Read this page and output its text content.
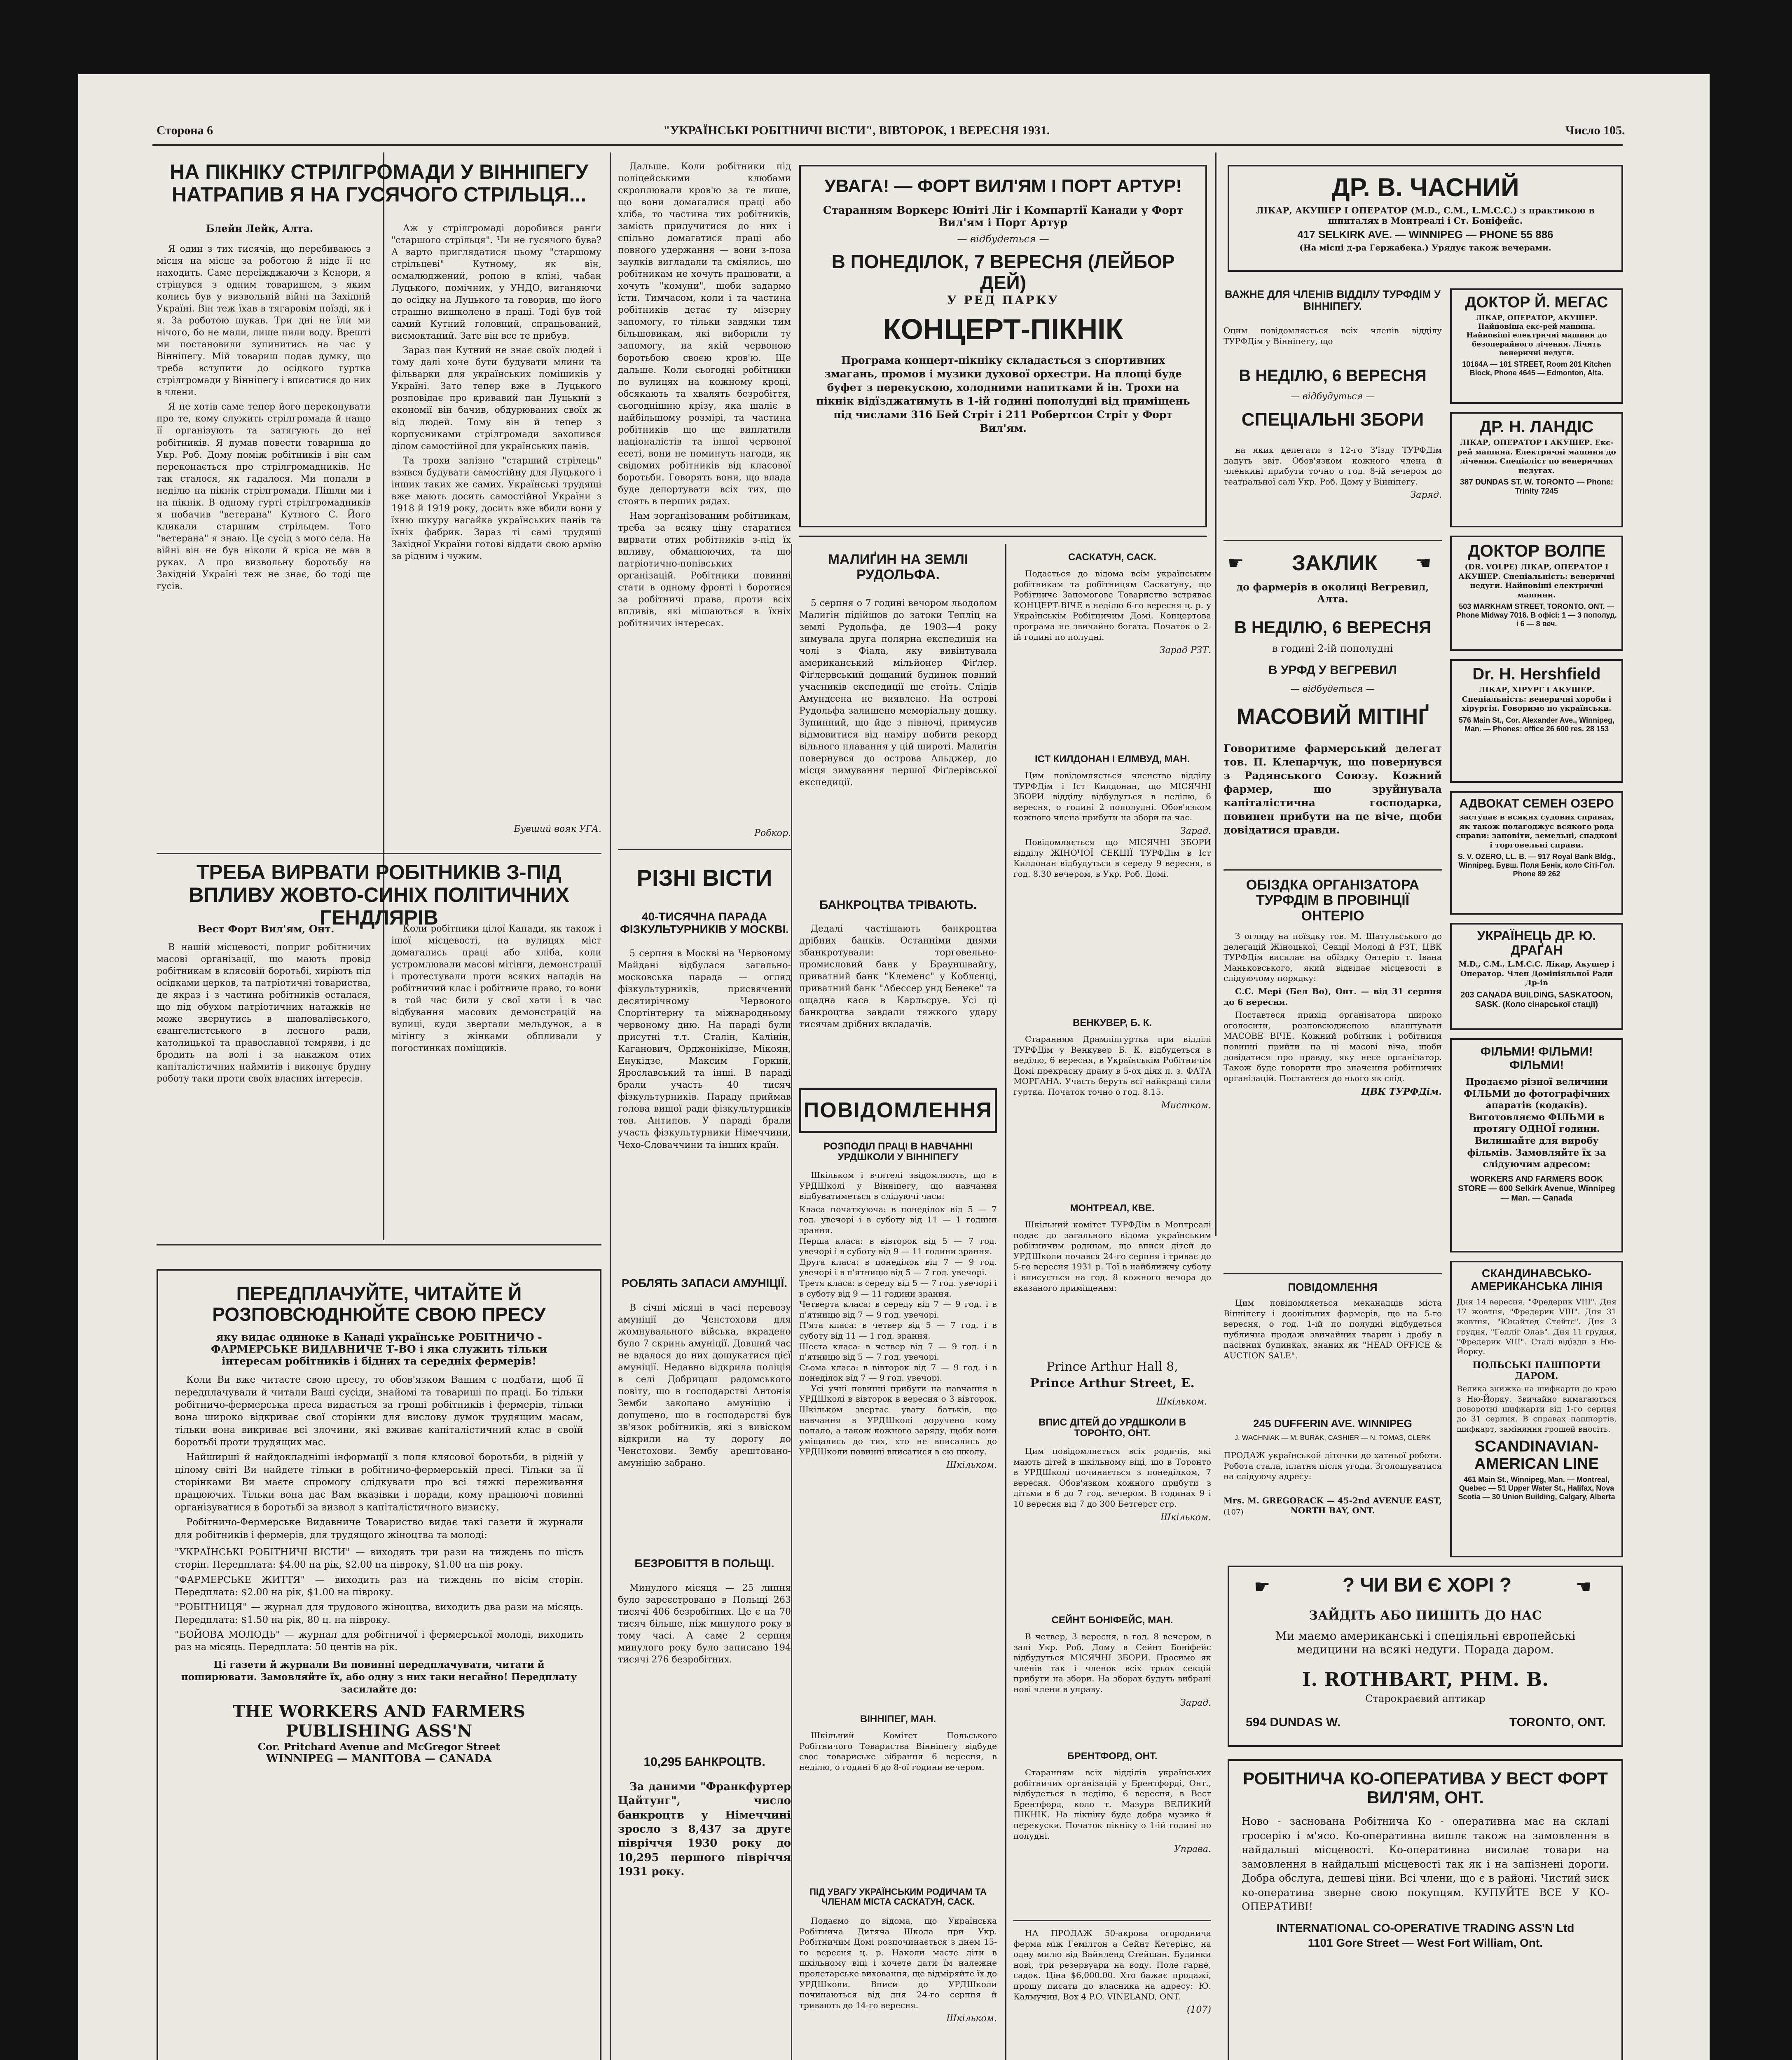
Сторона 6	"УКРАЇНСЬКІ РОБІТНИЧІ ВІСТИ", ВІВТОРОК, 1 ВЕРЕСНЯ 1931.	Число 105.
НА ПІКНІКУ СТРІЛГРОМАДИ У ВІННІПЕГУ НАТРАПИВ Я НА ГУСЯЧОГО СТРІЛЬЦЯ...
Блейн Лейк, Алта.

Я один з тих тисячів, що перебиваюсь з місця на місце за роботою й ніде її не находить. Саме переїжджаючи з Кенори, я стрінувся з одним товаришем, з яким колись був у визвольній війні на Західній Україні. Він теж їхав в тягаровім поїзді, як і я. За роботою шукав. Три дні не їли ми нічого, бо не мали, лише пили воду. Врешті ми постановили зупинитись на час у Вінніпегу. Мій товариш подав думку, що треба вступити до осідкого гуртка стрілгромади у Вінніпегу і вписатися до них в члени.

Я не хотів саме тепер його переконувати про те, кому служить стрілгромада й нащо її організують та затягують до неї робітників. Я думав повести товариша до Укр. Роб. Дому поміж робітників і він сам переконається про стрілгромадників. Не так сталося, як гадалося. Ми попали в неділю на пікнік стрілгромади. Пішли ми і на пікнік. В одному гурті стрілгромадників я побачив "ветерана" Кутного С. Його кликали старшим стрільцем. Того "ветерана" я знаю. Це сусід з мого села. На війні він не був ніколи й кріса не мав в руках. А про визвольну боротьбу на Західній Україні теж не знає, бо тоді ще гусів.

Аж у стрілгромаді доробився ранґи "старшого стрільця". Чи не гусячого бува? А варто приглядатися цьому "старшому стрільцеві" Кутному, як він, осмалюджений, ропою в кліні, чабан Луцького, помічник, у УНДО, виганяючи до осідку на Луцького та говорив, що його страшно вишколено в праці. Тоді був той самий Кутний головний, спрацьований, висмоктаний. Зате він все те прибув.

Зараз пан Кутний не знає своїх людей і тому далі хоче бути будувати млини та фільварки для українських поміщиків у Україні. Зато тепер вже в Луцького розповідає про кривавий пан Луцький з економії він бачив, обдурюваних своїх ж від людей. Тому він й тепер з корпусниками стрілгромади захопився ділом самостійної для українських панів.

Та трохи запізно "старший стрілець" взявся будувати самостійну для Луцького і інших таких же самих. Українські трудящі вже мають досить самостійної України з 1918 й 1919 року, досить вже вбили вони у їхню шкуру нагайка українських панів та їхніх фабрик. Зараз ті самі трудящі Західної України готові віддати свою армію за рідним і чужим.

Бувший вояк УГА.
ТРЕБА ВИРВАТИ РОБІТНИКІВ З-ПІД ВПЛИВУ ЖОВТО-СИНІХ ПОЛІТИЧНИХ ГЕНДЛЯРІВ
Вест Форт Вил'ям, Онт.

В нашій місцевості, поприг робітничих масові організації, що мають провід робітникам в кляcовій боротьбі, хиріють під осідками церков, та патріотичні товариства, де якраз і з частина робітників осталася, що під обухом патріотичних натажків не може звернутись в шаповалівського, євангелистського в лесного ради, католицької та православної темряви, і де бродить на волі і за накажом отих капіталістичних наймитів і виконує бруднy роботу таки проти своїх власних інтересів.

Коли робітники цілої Канади, як також і ішої місцевості, на вулицях міст домагались праці або хліба, коли устромлювали масові мітінги, демонстрації і протестували проти всяких нападів на робітничий клас і робітниче право, то вони в той час били у свої хати і в час відбування масових демонстрацій на вулиці, куди звертали мельдунок, а в мітінгу з жінками обпливали у погостинках поміщиків.

ПЕРЕДПЛАЧУЙТЕ, ЧИТАЙТЕ Й РОЗПОВСЮДНЮЙТЕ СВОЮ ПРЕСУ
яку видає одиноке в Канаді українське РОБІТНИЧО - ФАРМЕРСЬКЕ ВИДАВНИЧЕ Т-ВО і яка служить тільки інтересам робітників і бідних та середніх фермерів!

Коли Ви вже читаєте свою пресу, то обов'язком Вашим є подбати, щоб її передплачували й читали Ваші сусіди, знайомі та товариші по праці. Бо тільки робітничо-фермерська преса видається за гроші робітників і фермерів, тільки вона широко відкриває свої сторінки для вислову думок трудящим масам, тільки вона викриває всі злочини, які вживає капіталістичний клас в своїй боротьбі проти трудящих мас.

Найширші й найдоклaдніші інформації з поля кляcової боротьби, в рідній у цілому світі Ви найдете тільки в робітничо-фермерській пресі. Тільки за її сторінками Ви маєте спромогу слідкувати про всі тяжкі переживання працюючих. Тільки вона дає Вам вказівки і поради, кому працюючі повинні організуватися в боротьбі за визвол з капіталістичного визиску.

Робітничо-Фермерське Видавниче Товариство видає такі газети й журнали для робітників і фермерів, для трудящого жіноцтва та молоді:

"УКРАЇНСЬКІ РОБІТНИЧІ ВІСТИ" — виходять три рази на тиждень по шість сторін. Передплата: $4.00 на рік, $2.00 на півроку, $1.00 на пів року.
"ФАРМЕРСЬКЕ ЖИТТЯ" — виходить раз на тиждень по вісім сторін. Передплата: $2.00 на рік, $1.00 на півроку.
"РОБІТНИЦЯ" — журнал для трудового жіноцтва, виходить два рази на місяць. Передплата: $1.50 на рік, 80 ц. на півроку.
"БОЙОВА МОЛОДЬ" — журнал для робітничої і фермерської молоді, виходить раз на місяць. Передплата: 50 центів на рік.
Ці газети й журнали Ви повинні передплачувати, читати й поширювати. Замовляйте їх, або одну з них таки негайно! Передплату засилайте до:
THE WORKERS AND FARMERS
PUBLISHING ASS'N
Cor. Pritchard Avenue and McGregor Street
WINNIPEG — MANITOBA — CANADA

Дальше. Коли робітники під поліцейськими клюбами скроплювали кров'ю за те лише, що вони домагалися праці або хліба, то частина тих робітників, замість прилучитися до них і спільно домагатися праці або повного удержання — вони з-поза заулків вигладали та сміялись, що робітникам не хочуть працювати, а хочуть "комуни", щоби задармо їсти. Тимчасом, коли і та частина робітників детає ту мізерну запомогу, то тільки завдяки тим більшовикам, які виборили ту запомогу, на якій червоною боротьбою своєю кров'ю. Ще дальше. Коли сьогодні робітники по вулицях на кожному кроці, обсякають та хвалять безробіття, сьогоднішню крізу, яка шаліє в найбільшому розмірі, та частина робітників що ще виплатили націоналістів та іншої червоної есеті, вони не поминуть нагоди, як свідомих робітників від класової боротьби. Говорять вони, що влада буде депортувати всіх тих, що стоять в перших рядах.

Нам зорганізованим робітникам, треба за всяку ціну старатися вирвати отих робітників з-під їх впливу, обманюючих, та що патріотично-попівських організацій. Робітники повинні стати в одному фронті і боротися за робітничі права, проти всіх впливів, які мішаються в їхніх робітничих інтересах.

Робкор.
РІЗНІ ВІСТИ
40-ТИСЯЧНА ПАРАДА ФІЗКУЛЬТУРНИКІВ У МОСКВІ.

5 серпня в Москві на Червоному Майдані відбулася загально-московська парада — огляд фізкультурників, присвячений десятирічному Червоного Спортінтерну та міжнародньому червоному дню. На параді були присутні т.т. Сталін, Калінін, Каганович, Орджонікідзе, Мікоян, Енукідзе, Максим Горкий, Ярославський та інші. В параді брали участь 40 тисяч фізкультурників. Параду приймав голова вищої ради фізкультурників тов. Антипов. У параді брали участь фізкультурники Німеччини, Чехо-Словаччини та інших країн.

РОБЛЯТЬ ЗАПАСИ АМУНІЦІЇ.

В січні місяці в часі перевозу амуніції до Ченстохови для жомнувального війська, вкрадено було 7 скринь амуніції. Довший час не вдалося до них дошукатися цієї амуніції. Недавно відкрила поліція в селі Добрицаш радомського повіту, що в господарстві Антонія Земби закопано амуніцію і допущено, що в господарстві був зв'язок робітників, які з вивіском відкрили на ту дорогу до Ченстохови. Зембу арештовано-амуніцію забрано.

БЕЗРОБІТТЯ В ПОЛЬЩІ.

Минулого місяця — 25 липня було зареєстровано в Польщі 263 тисячі 406 безробітних. Це є на 70 тисяч більше, ніж минулого року в тому часі. А саме 2 серпня минулого року було записано 194 тисячі 276 безробітних.

10,295 БАНКРОЦТВ.

За даними "Франкфуртер Цайтунг", число банкроцтв у Німеччині зросло з 8,437 за друге півріччя 1930 року до 10,295 першого півріччя 1931 року.

УВАГА! — ФОРТ ВИЛ'ЯМ І ПОРТ АРТУР!
Старанням Воркерс Юніті Ліг і Компартії Канади у Форт Вил'ям і Порт Артур
— відбудеться —
В ПОНЕДІЛОК, 7 ВЕРЕСНЯ (ЛЕЙБОР ДЕЙ)
У РЕД ПАРКУ
КОНЦЕРТ-ПІКНІК
Програма концерт-пікніку складається з спортивних змагань, промов і музики духової орхестри. На площі буде буфет з перекускою, холодними напитками й ін. Трохи на пікнік відїзджатимуть в 1-ій годині пополудні від приміщень під числами 316 Бей Стріт і 211 Робертсон Стріт у Форт Вил'ям.
МАЛИҐИН НА ЗЕМЛІ РУДОЛЬФА.

5 серпня о 7 годині вечором льодолом Малигін підійшов до затоки Тепліц на землі Рудольфа, де 1903—4 року зимувала друга полярна експедиція на чолі з Фіала, яку вивінтувала американський мільйонер Фіґлер. Фіґлервський дощаний будинок повний учасників експедиції ще стоїть. Слідів Амундсена не виявлено. На острові Рудольфа залишено меморіальну дошку. Зупинний, що йде з півночі, примусив відмовитися від наміру побити рекорд вільного плавання у цій широті. Малигін повернувся до острова Альджер, до місця зимування першої Фіґлерівської експедиції.

БАНКРОЦТВА ТРІВАЮТЬ.

Дедалі частішають банкроцтва дрібних банків. Останніми днями збанкротували: торговельно-промисловий банк у Брауншвайгу, приватний банк "Клеменс" у Коблєнці, приватний банк "Абессер унд Бенеке" та ощадна каса в Карльсруе. Усі ці банкроцтва завдали тяжкого удару тисячам дрібних вкладачів.

ПОВІДОМЛЕННЯ
РОЗПОДІЛ ПРАЦІ В НАВЧАННІ УРДШКОЛИ У ВІННІПЕГУ

Шкільком і вчителі звідомляють, що в УРДШколі у Вінніпегу, що навчання відбуватиметься в слідуючі часи:

Класа початкуюча: в понеділок від 5 — 7 год. увечорі і в суботу від 11 — 1 години зрання.
Перша класа: в вівторок від 5 — 7 год. увечорі і в суботу від 9 — 11 години зрання.
Друга класа: в понеділок від 7 — 9 год. увечорі і в п'ятницю від 5 — 7 год. увечорі.
Третя класа: в середу від 5 — 7 год. увечорі і в суботу від 9 — 11 години зрання.
Четверта класа: в середу від 7 — 9 год. і в п'ятницю від 7 — 9 год. увечорі.
П'ята класа: в четвер від 5 — 7 год. і в суботу від 11 — 1 год. зрання.
Шеста класа: в четвер від 7 — 9 год. і в п'ятницю від 5 — 7 год. увечорі.
Сьома класа: в вівторок від 7 — 9 год. і в понеділок від 7 — 9 год. увечорі.

Усі учні повинні прибути на навчання в УРДШколі в вівторок в вересня о 3 вівторок. Шкільком звертає увагу батьків, що навчання в УРДШколі доручено кому попало, а також кожного заряду, щоби вони уміщались до тих, хто не вписались до УРДШколи повинні вписатися в сю школу.

Шкільком.
ВІННІПЕГ, МАН.

Шкільний Комітет Польського Робітничого Товариства Вінніпегу відбуде своє товариське зібрання 6 вересня, в неділю, о годині 6 до 8-ої години вечером.

ПІД УВАГУ УКРАЇНСЬКИМ РОДИЧАМ ТА ЧЛЕНАМ МІСТА САСКАТУН, САСК.

Подаємо до відома, що Українська Робітнича Дитяча Школа при Укр. Робітничим Домі розпочинається з днем 15-го вересня ц. р. Наколи маєте діти в шкільному віці і хочете дати їм належне пролетарське виховання, ще відміряйте їх до УРДШколи. Вписи до УРДШколи починаються від дня 24-го серпня й тривають до 14-го вересня.

Шкільком.
САСКАТУН, САСК.

Подається до відома всім українським робітникам та робітницям Саскатуну, що Робітниче Запомогове Товариство встряває КОНЦЕРТ-ВІЧЕ в неділю 6-го вересня ц. р. у Українськім Робітничим Домі. Концертова програма не звичайно богата. Початок о 2-ій годині по полудні.

Зарад РЗТ.
ІСТ КИЛДОНАН І ЕЛМВУД, МАН.

Цим повідомляється членство відділу ТУРФДім і Іст Килдонан, що МІСЯЧНІ ЗБОРИ відділу відбудуться в неділю, 6 вересня, о годині 2 пополудні. Обов'язком кожного члена прибути на збори на час.

Зарад.

Повідомляється що МІСЯЧНІ ЗБОРИ відділу ЖІНОЧОЇ СЕКЦІЇ ТУРФДім в Іст Килдонан відбудуться в середу 9 вересня, в год. 8.30 вечером, в Укр. Роб. Домі.

ВЕНКУВЕР, Б. К.

Старанням Драмліпгуртка при відділі ТУРФДім у Венкувер Б. К. відбудеться в неділю, 6 вересня, в Українськім Робітничім Домі прекрасну драму в 5-ох діях п. з. ФАТА МОРГАНА. Участь беруть всі найкращі сили гуртка. Початок точно о год. 8.15.

Мистком.
МОНТРЕАЛ, КВЕ.

Шкільний комітет ТУРФДім в Монтреалі подає до загального відома українським робітничим родинам, що вписи дітей до УРДШколи почався 24-го серпня і триває до 5-го вересня 1931 р. Тої в найближчу суботу і вписується на год. 8 кожного вечора до вказаного приміщення:

Prince Arthur Hall 8,
Prince Arthur Street, E.
Шкільком.
ВПИС ДІТЕЙ ДО УРДШКОЛИ В ТОРОНТО, ОНТ.

Цим повідомляється всіх родичів, які мають дітей в шкільному віці, що в Торонто в УРДШколі починається з понеділком, 7 вересня. Обов'язком кожного прибути з дітьми в 6 до 7 год. вечером. В годинах 9 і 10 вересня від 7 до 300 Бетгерст стр.

Шкільком.
СЕЙНТ БОНІФЕЙС, МАН.

В четвер, 3 вересня, в год. 8 вечером, в залі Укр. Роб. Дому в Сейнт Боніфейс відбудуться МІСЯЧНІ ЗБОРИ. Просимо як членів так і членок всіх трьох секцій прибути на збори. На зборах будуть вибрані нові члени в управу.

Зарад.
БРЕНТФОРД, ОНТ.

Старанням всіх відділів українських робітничих організацій у Брентфорді, Онт., відбудеться в неділю, 6 вересня, в Вест Брентфорд, коло т. Мазура ВЕЛИКИЙ ПІКНІК. На пікніку буде добра музика й перекуски. Початок пікніку о 1-ій годині по полудні.

Управа.

НА ПРОДАЖ 50-акрова огороднича ферма між Гемілтон а Сейнт Кетерінс, на одну милю від Вайнленд Стейшан. Будинки нові, три резервуари на воду. Поле гарне, садок. Ціна $6,000.00. Хто бажає продажі, прошу писати до власника на адресу: Ю. Калмучин, Box 4 P.O. VINELAND, ONT.

(107)
ВАЖНЕ ДЛЯ ЧЛЕНІВ ВІДДІЛУ ТУРФДІМ У ВІННІПЕГУ.
Оцим повідомляється всіх членів відділу ТУРФДім у Вінніпегу, що
В НЕДІЛЮ, 6 ВЕРЕСНЯ
— відбудуться —
СПЕЦІАЛЬНІ ЗБОРИ

на яких делегати з 12-го З'їзду ТУРФДім дадуть звіт. Обов'язком кожного члена й членкині прибути точно о год. 8-ій вечером до театральної салі Укр. Роб. Дому у Вінніпегу.

Заряд.
☛	ЗАКЛИК	☚
до фармерів в околиці Вегревил, Алта.
В НЕДІЛЮ, 6 ВЕРЕСНЯ
в годині 2-ій пополудні
В УРФД У ВЕГРЕВИЛ
— відбудеться —
МАСОВИЙ МІТІНҐ
Говоритиме фармерський делегат тов. П. Клепарчук, що повернувся з Радянського Союзу. Кожний фармер, що зруйнувала капіталістична господарка, повинен прибути на це віче, щоби довідатися правди.
ОБІЗДКА ОРГАНІЗАТОРА ТУРФДІМ В ПРОВІНЦІЇ ОНТЕРІО

З огляду на поїздку тов. М. Шатульського до делегацій Жіноцької, Секції Молоді й РЗТ, ЦВК ТУРФДім висилає на обїздку Онтеріо т. Івана Маньковського, який відвідає місцевості в слідуючому порядку:

С.С. Мері (Бел Во), Онт. — від 31 серпня до 6 вересня.

Поставтеся прихід організатора широко оголосити, розповсюдженою влаштувати МАСОВЕ ВІЧЕ. Кожний робітник і робітниця повинні прийти на ці масові віча, щоби довідатися про правду, яку несе організатор. Також буде говорити про значення робітничих організацій. Поставтеся до нього як слід.

ЦВК ТУРФДім.
ПОВІДОМЛЕННЯ

Цим повідомляється меканадців міста Вінніпегу і доокільних фармерів, що на 5-го вересня, о год. 1-ій по полудні відбудеться публична продаж звичайних тварин і дробу в пасівних будинках, знаних як "HEAD OFFICE & AUCTION SALE".

245 DUFFERIN AVE. WINNIPEG
J. WACHNIAK — M. BURAK, CASHIER — N. TOMAS, CLERK
ПРОДАЖ українськой діточки до хатньої роботи. Робота стала, платня після угоди. Зголошуватися на слідуючу адресу:
Mrs. M. GREGORACK — 45-2nd AVENUE EAST, NORTH BAY, ONT.
(107)
ДР. В. ЧАСНИЙ
ЛІКАР, АКУШЕР І ОПЕРАТОР (M.D., C.M., L.M.C.C.) з практикою в шпиталях в Монтреалі і Ст. Боніфейс.
417 SELKIRK AVE. — WINNIPEG — PHONE 55 886
(На місці д-ра Гержабека.) Урядує також вечерами.
ДОКТОР Й. МЕГАС
ЛІКАР, ОПЕРАТОР, АКУШЕР. Найновіша екс-рей машина. Найновіші електричні машини до безоперайного лічення. Лічить венеричні недуги.
10164A — 101 STREET, Room 201 Kitchen Block, Phone 4645 — Edmonton, Alta.
ДР. Н. ЛАНДІС
ЛІКАР, ОПЕРАТОР І АКУШЕР. Екс-рей машина. Електричні машини до лічення. Спеціаліст по венеричних недугах.
387 DUNDAS ST. W. TORONTO — Phone: Trinity 7245
ДОКТОР ВОЛПЕ
(DR. VOLPE) ЛІКАР, ОПЕРАТОР І АКУШЕР. Спеціальність: венеричні недуги. Найновіші електричні машини.
503 MARKHAM STREET, TORONTO, ONT. — Phone Midway 7016. В офісі: 1 — 3 пополуд. і 6 — 8 веч.
Dr. H. Hershfield
ЛІКАР, ХІРУРГ І АКУШЕР. Спеціальність: венеричні хороби і хірургія. Говоримо по українськи.
576 Main St., Cor. Alexander Ave., Winnipeg, Man. — Phones: office 26 600 res. 28 153
АДВОКАТ СЕМЕН ОЗЕРО
заступає в всяких судових справах, як також полагоджує всякого рода справи: заповіти, земельні, спадкові і торговельні справи.
S. V. OZERO, LL. B. — 917 Royal Bank Bldg., Winnipeg. Бувш. Поля Бенік, коло Сіті-Гол. Phone 89 262
УКРАЇНЕЦЬ ДР. Ю. ДРАҐАН
M.D., C.M., L.M.C.C. Лікар, Акушер і Оператор. Член Домініяльної Ради Др-ів
203 CANADA BUILDING, SASKATOON, SASK. (Коло сінарської стації)
ФІЛЬМИ! ФІЛЬМИ! ФІЛЬМИ!
Продаємо різної величини ФІЛЬМИ до фотографічних апаратів (кодаків). Виготовляємо ФІЛЬМИ в протягу ОДНОЇ години. Вилишайте для виробу фільмів. Замовляйте їх за слідуючим адресом:
WORKERS AND FARMERS BOOK STORE — 600 Selkirk Avenue, Winnipeg — Man. — Canada
СКАНДИНАВСЬКО-АМЕРИКАНСЬКА ЛІНІЯ
Дня 14 вересня, "Фредерик VIII". Дня 17 жовтня, "Фредерик VIII". Дня 31 жовтня, "Юнайтед Стейтс". Дня 3 грудня, "Гелліг Олав". Дня 11 грудня, "Фредерик VIII". Сталі відїзди з Ню-Йорку.
ПОЛЬСЬКІ ПАШПОРТИ ДАРОМ.
Велика знижка на шифкарти до краю з Ню-Йорку. Звичайно вимагаються поворотні шифкарти від 1-го серпня до 31 серпня. В справах пашпортів, шифкарт, заміняння грошей вносіть.
SCANDINAVIAN-AMERICAN LINE
461 Main St., Winnipeg, Man. — Montreal, Quebec — 51 Upper Water St., Halifax, Nova Scotia — 30 Union Building, Calgary, Alberta
☛	? ЧИ ВИ Є ХОРІ ?	☚
ЗАЙДІТЬ АБО ПИШІТЬ ДО НАС
Ми маємо американські і спеціяльні європейські медицини на всякі недуги. Порада даром.
I. ROTHBART, PHM. B.
Старокраєвий аптикар
594 DUNDAS W.	TORONTO, ONT.
РОБІТНИЧА КО-ОПЕРАТИВА У ВЕСТ ФОРТ ВИЛ'ЯМ, ОНТ.
Ново - заснована Робітнича Ко - оперативна має на складі гросерію і м'ясо. Ко-оперативна вишлє також на замовлення в найдальші місцевості. Ко-оперативна висилає товари на замовлення в найдальші місцевості так як і на запізнені дороги. Добра обслуга, дешеві ціни. Всі члени, що є в районі. Чистий зиск ко-оператива зверне свою покупцям. КУПУЙТЕ ВСЕ У КО-ОПЕРАТИВІ!
INTERNATIONAL CO-OPERATIVE TRADING ASS'N Ltd
1101 Gore Street — West Fort William, Ont.
